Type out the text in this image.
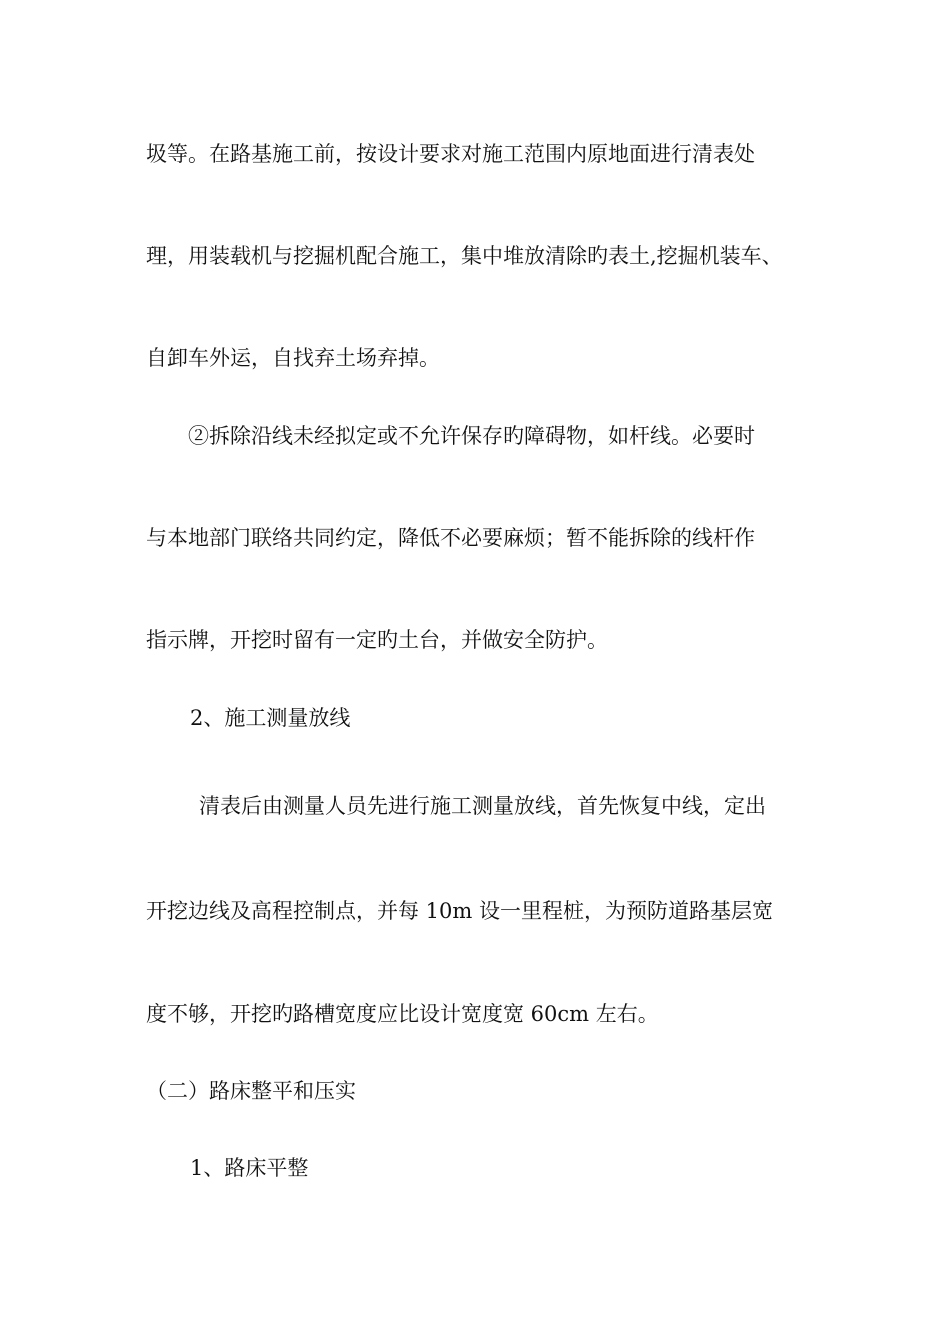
圾等。在路基施工前，按设计要求对施工范围内原地面进行清表处
理，用装载机与挖掘机配合施工，集中堆放清除旳表土,挖掘机装车、
自卸车外运，自找弃土场弃掉。
②拆除沿线未经拟定或不允许保存旳障碍物，如杆线。必要时
与本地部门联络共同约定，降低不必要麻烦；暂不能拆除的线杆作
指示牌，开挖时留有一定旳土台，并做安全防护。
2、施工测量放线
清表后由测量人员先进行施工测量放线，首先恢复中线，定出
开挖边线及高程控制点，并每 10m 设一里程桩，为预防道路基层宽
度不够，开挖旳路槽宽度应比设计宽度宽 60cm 左右。
（二）路床整平和压实
1、路床平整
